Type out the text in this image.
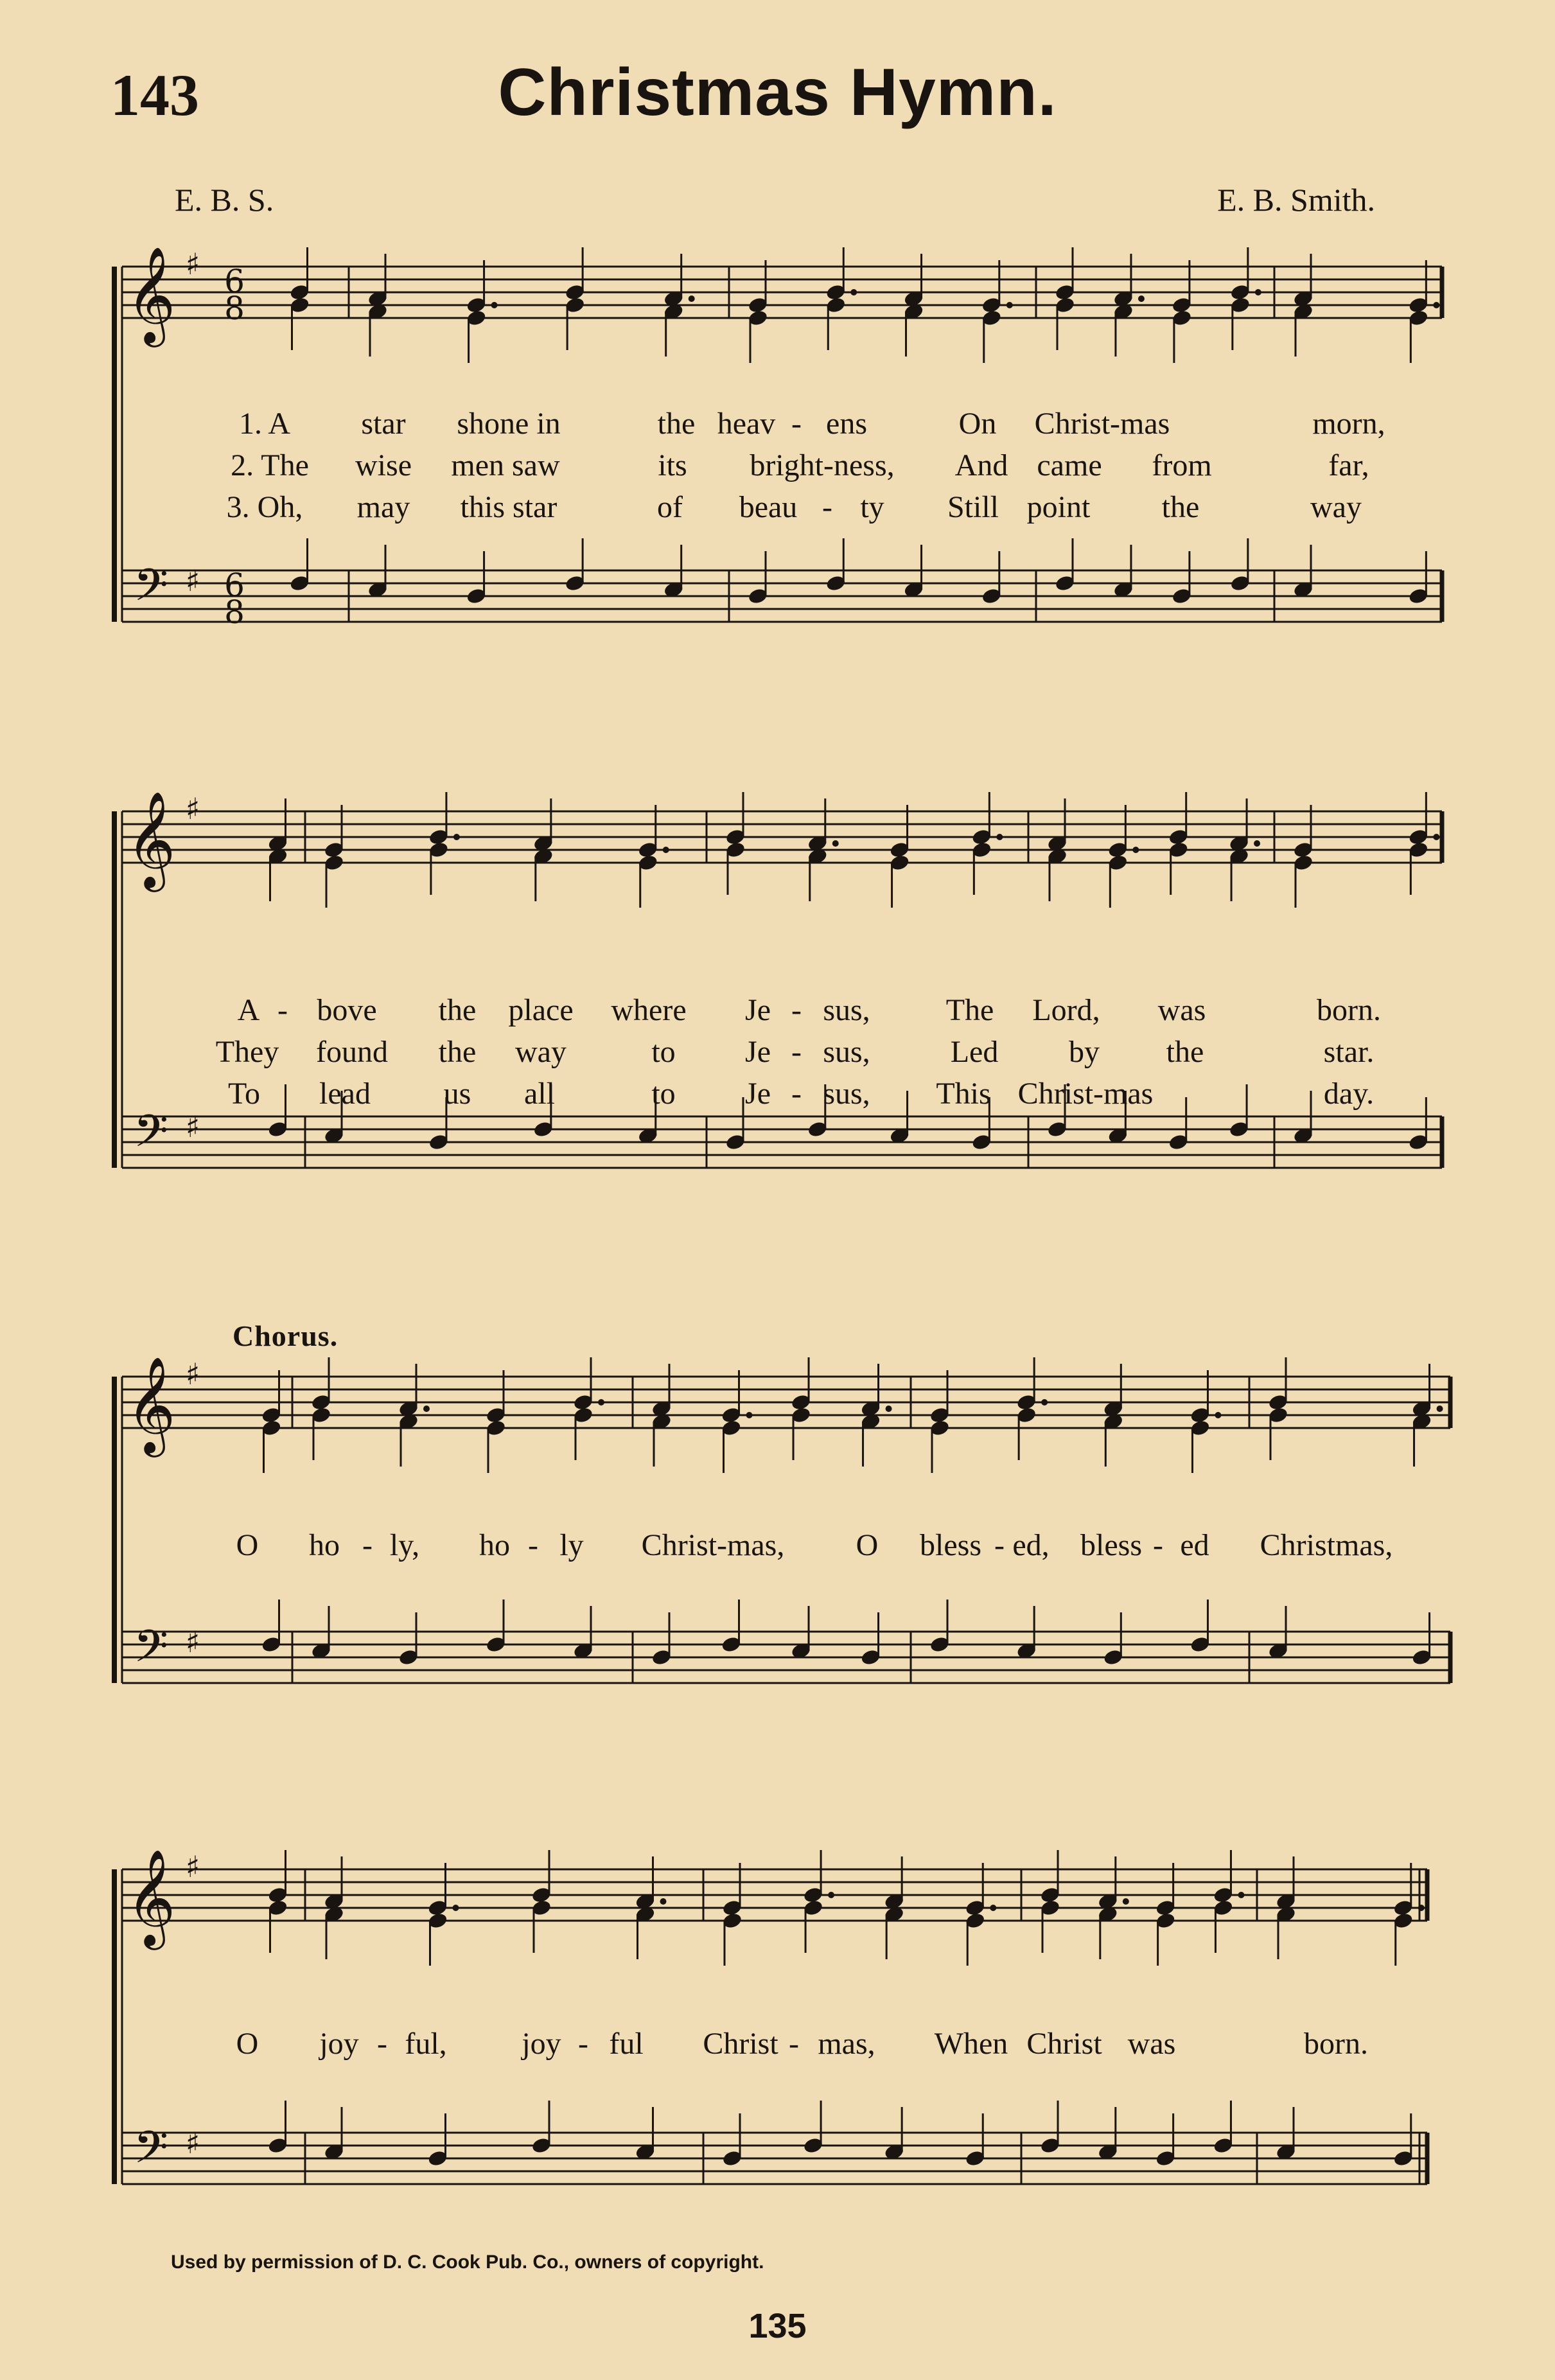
143	Christmas Hymn.
E. B. S.	E. B. Smith.
Chorus.
1. A star shone in	the heav - ens	On Christ-mas	morn,
2. The wise men saw	its bright-ness, And came from	far,
3. Oh, may this star	of beau - ty Still point the	way
A - bove the place where Je - sus, The Lord, was	born.
They found the way	to Je - sus,	Led by the	star.
To lead us all	to Je - sus, This Christ-mas	day.
O ho - ly, ho - ly Christ-mas, O bless - ed, bless - ed Christmas,
O joy - ful, joy - ful Christ - mas, When Christ was	born.
𝄞 ♯
𝄢 ♯
6
8
6
8
𝄞 ♯
𝄢 ♯
𝄞 ♯
𝄢 ♯
𝄞 ♯
𝄢 ♯
Used by permission of D. C. Cook Pub. Co., owners of copyright.
135
